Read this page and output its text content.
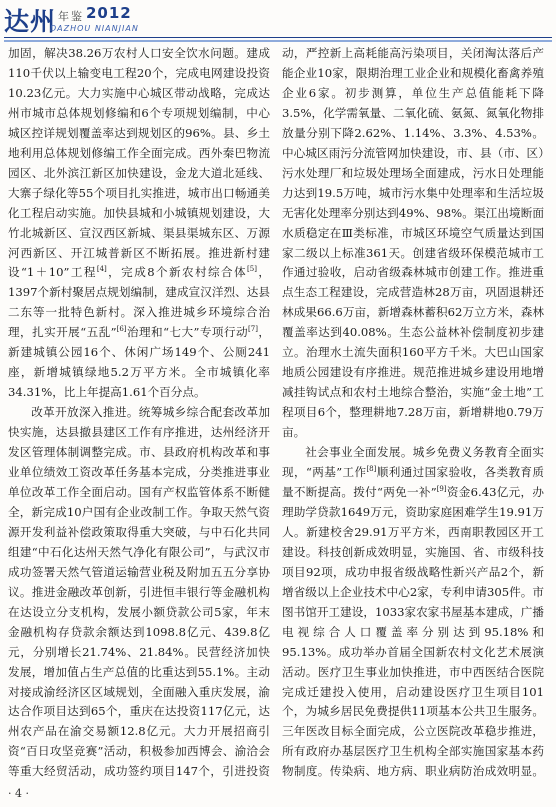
达州 年鉴 2012
DAZHOU NIANJIAN

加固，解决38.26万农村人口安全饮水问题。建成110千伏以上输变电工程20个，完成电网建设投资10.23亿元。大力实施中心城区带动战略，完成达州市城市总体规划修编和6个专项规划编制，中心城区控详规划覆盖率达到规划区的96%。县、乡土地利用总体规划修编工作全面完成。西外秦巴物流园区、北外滨江新区加快建设，金龙大道北延线、大寨子绿化等55个项目扎实推进，城市出口畅通美化工程启动实施。加快县城和小城镇规划建设，大竹北城新区、宣汉西区新城、渠县渠城东区、万源河西新区、开江城普新区不断拓展。推进新村建设“1＋10”工程[4]，完成8个新农村综合体[5]，1397个新村聚居点规划编制，建成宣汉洋烈、达县二东等一批特色新村。深入推进城乡环境综合治理，扎实开展“五乱”[6]治理和“七大”专项行动[7]，新建城镇公园16个、休闲广场149个、公厕241座，新增城镇绿地5.2万平方米。全市城镇化率34.31%，比上年提高1.61个百分点。

改革开放深入推进。统筹城乡综合配套改革加快实施，达县撤县建区工作有序推进，达州经济开发区管理体制调整完成。市、县政府机构改革和事业单位绩效工资改革任务基本完成，分类推进事业单位改革工作全面启动。国有产权监管体系不断健全，新完成10户国有企业改制工作。争取天然气资源开发利益补偿政策取得重大突破，与中石化共同组建“中石化达州天然气净化有限公司”，与武汉市成功签署天然气管道运输营业税及附加五五分享协议。推进金融改革创新，引进恒丰银行等金融机构在达设立分支机构，发展小额贷款公司5家，年末金融机构存贷款余额达到1098.8亿元、439.8亿元，分别增长21.74%、21.84%。民营经济加快发展，增加值占生产总值的比重达到55.1%。主动对接成渝经济区区域规划，全面融入重庆发展，渝达合作项目达到65个，重庆在达投资117亿元，达州农产品在渝交易额12.8亿元。大力开展招商引资“百日攻坚竞赛”活动，积极参加西博会、渝洽会等重大经贸活动，成功签约项目147个，引进投资

动，严控新上高耗能高污染项目，关闭淘汰落后产能企业10家，限期治理工业企业和规模化畜禽养殖企业6家。初步测算，单位生产总值能耗下降3.5%，化学需氧量、二氧化硫、氨氮、氮氧化物排放量分别下降2.62%、1.14%、3.3%、4.53%。中心城区雨污分流管网加快建设，市、县（市、区）污水处理厂和垃圾处理场全面建成，污水日处理能力达到19.5万吨，城市污水集中处理率和生活垃圾无害化处理率分别达到49%、98%。渠江出境断面水质稳定在Ⅲ类标准，市城区环境空气质量达到国家二级以上标准361天。创建省级环保模范城市工作通过验收，启动省级森林城市创建工作。推进重点生态工程建设，完成营造林28万亩，巩固退耕还林成果66.6万亩，新增森林蓄积62万立方米，森林覆盖率达到40.08%。生态公益林补偿制度初步建立。治理水土流失面积160平方千米。大巴山国家地质公园建设有序推进。规范推进城乡建设用地增减挂钩试点和农村土地综合整治，实施“金土地”工程项目6个，整理耕地7.28万亩，新增耕地0.79万亩。

社会事业全面发展。城乡免费义务教育全面实现，“两基”工作[8]顺利通过国家验收，各类教育质量不断提高。拨付“两免一补”[9]资金6.43亿元，办理助学贷款1649万元，资助家庭困难学生19.91万人。新建校舍29.91万平方米，西南职教园区开工建设。科技创新成效明显，实施国、省、市级科技项目92项，成功申报省级战略性新兴产品2个，新增省级以上企业技术中心2家，专利申请305件。市图书馆开工建设，1033家农家书屋基本建成，广播电视综合人口覆盖率分别达到95.18%和95.13%。成功举办首届全国新农村文化艺术展演活动。医疗卫生事业加快推进，市中西医结合医院完成迁建投入使用，启动建设医疗卫生项目101个，为城乡居民免费提供11项基本公共卫生服务。三年医改目标全面完成，公立医院改革稳步推进，所有政府办基层医疗卫生机构全部实施国家基本药物制度。传染病、地方病、职业病防治成效明显。

· 4 ·
